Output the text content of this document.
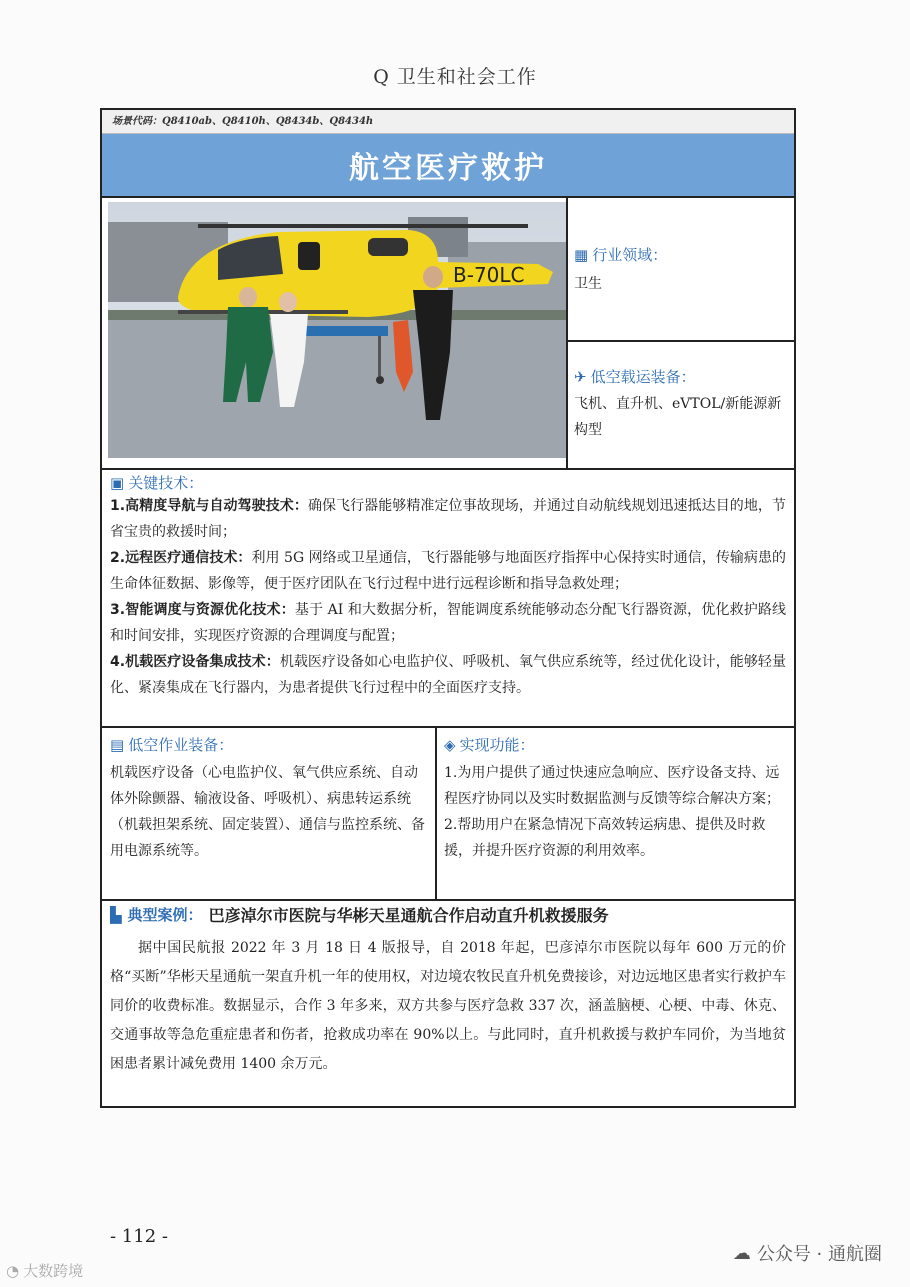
Q 卫生和社会工作
场景代码：Q8410ab、Q8410h、Q8434b、Q8434h
航空医疗救护
B-70LC
▦ 行业领域：
卫生
✈ 低空载运装备：
飞机、直升机、eVTOL/新能源新构型
▣ 关键技术：

1.高精度导航与自动驾驶技术：确保飞行器能够精准定位事故现场，并通过自动航线规划迅速抵达目的地，节省宝贵的救援时间；

2.远程医疗通信技术：利用 5G 网络或卫星通信，飞行器能够与地面医疗指挥中心保持实时通信，传输病患的生命体征数据、影像等，便于医疗团队在飞行过程中进行远程诊断和指导急救处理；

3.智能调度与资源优化技术：基于 AI 和大数据分析，智能调度系统能够动态分配飞行器资源，优化救护路线和时间安排，实现医疗资源的合理调度与配置；

4.机载医疗设备集成技术：机载医疗设备如心电监护仪、呼吸机、氧气供应系统等，经过优化设计，能够轻量化、紧凑集成在飞行器内，为患者提供飞行过程中的全面医疗支持。

▤ 低空作业装备：
机载医疗设备（心电监护仪、氧气供应系统、自动体外除颤器、输液设备、呼吸机）、病患转运系统（机载担架系统、固定装置）、通信与监控系统、备用电源系统等。
◈ 实现功能：
1.为用户提供了通过快速应急响应、医疗设备支持、远程医疗协同以及实时数据监测与反馈等综合解决方案；
2.帮助用户在紧急情况下高效转运病患、提供及时救援，并提升医疗资源的利用效率。
▙ 典型案例： 巴彦淖尔市医院与华彬天星通航合作启动直升机救援服务

据中国民航报 2022 年 3 月 18 日 4 版报导，自 2018 年起，巴彦淖尔市医院以每年 600 万元的价格“买断”华彬天星通航一架直升机一年的使用权，对边境农牧民直升机免费接诊，对边远地区患者实行救护车同价的收费标准。数据显示，合作 3 年多来，双方共参与医疗急救 337 次，涵盖脑梗、心梗、中毒、休克、交通事故等急危重症患者和伤者，抢救成功率在 90%以上。与此同时，直升机救援与救护车同价，为当地贫困患者累计减免费用 1400 余万元。

- 112 -
☁ 公众号 · 通航圈
◔ 大数跨境
